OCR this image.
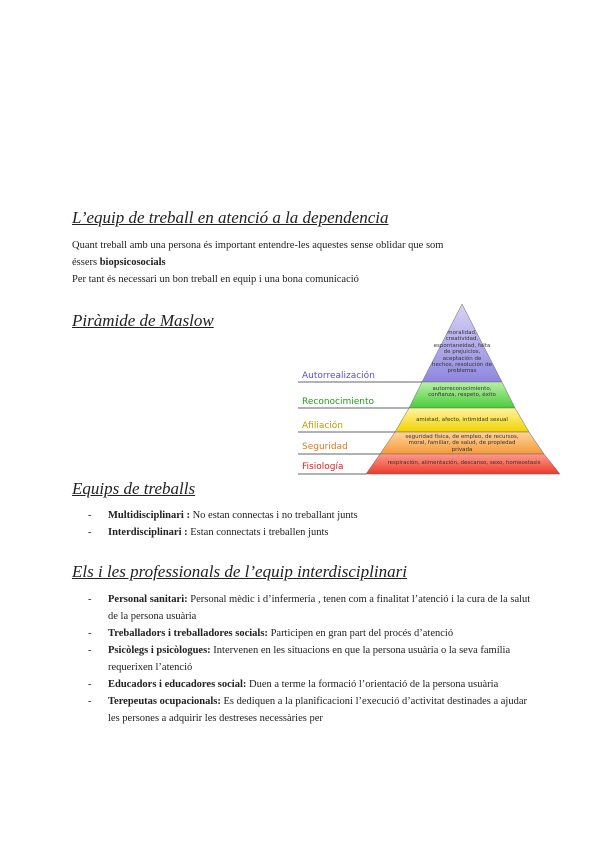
L’equip de treball en atenció a la dependencia
Quant treball amb una persona és important entendre-les aquestes sense oblidar que som
éssers biopsicosocials
Per tant és necessari un bon treball en equip i una bona comunicació
Piràmide de Maslow
Autorrealización
Reconocimiento
Afiliación
Seguridad
Fisiología
moralidad, creatividad, espontaneidad, falta de prejuicios, aceptación de hechos, resolución de problemas
autorreconocimiento, confianza, respeto, éxito
amistad, afecto, intimidad sexual
seguridad física, de empleo, de recursos, moral, familiar, de salud, de propiedad privada
respiración, alimentación, descanso, sexo, homeostasis
Equips de treballs
- Multidisciplinari : No estan connectas i no treballant junts
- Interdisciplinari : Estan connectats i treballen junts
Els i les professionals de l’equip interdisciplinari
- Personal sanitari: Personal mèdic i d’infermeria , tenen com a finalitat l’atenció i la cura de la salut de la persona usuària
- Treballadors i treballadores socials: Participen en gran part del procés d’atenció
- Psicòlegs i psicòlogues: Intervenen en les situacions en que la persona usuària o la seva família requerixen l’atenció
- Educadors i educadores social: Duen a terme la formació l’orientació de la persona usuària
- Terepeutas ocupacionals: Es dediquen a la planificacioni l’execució d’activitat destinades a ajudar les persones a adquirir les destreses necessàries per
